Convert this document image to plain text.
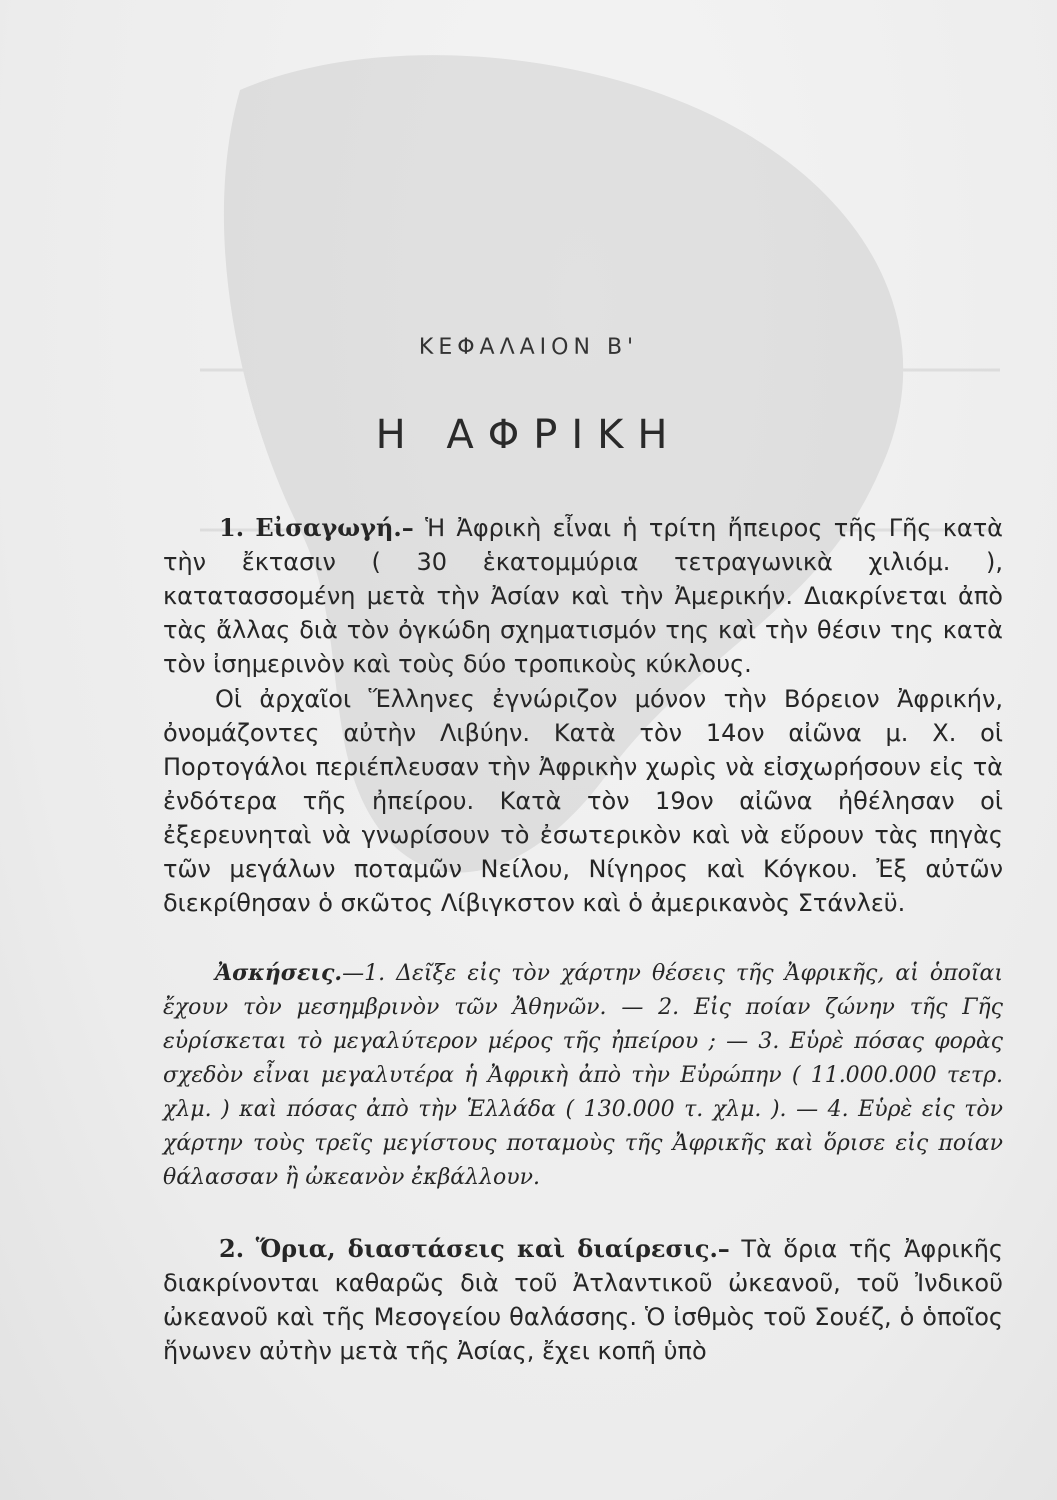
ΚΕΦΑΛΑΙΟΝ Β'
Η ΑΦΡΙΚΗ

1. Εἰσαγωγή.– Ἡ Ἀφρικὴ εἶναι ἡ τρίτη ἤπειρος τῆς Γῆς κατὰ τὴν ἔκτασιν ( 30 ἑκατομμύρια τετραγωνικὰ χιλιόμ. ), κατατασσομένη μετὰ τὴν Ἀσίαν καὶ τὴν Ἀμερικήν. Διακρίνεται ἀπὸ τὰς ἄλλας διὰ τὸν ὀγκώδη σχηματισμόν της καὶ τὴν θέσιν της κατὰ τὸν ἰσημερινὸν καὶ τοὺς δύο τροπικοὺς κύκλους.

Οἱ ἀρχαῖοι Ἕλληνες ἐγνώριζον μόνον τὴν Βόρειον Ἀφρικήν, ὀνομάζοντες αὐτὴν Λιβύην. Κατὰ τὸν 14ον αἰῶνα μ. Χ. οἱ Πορτογάλοι περιέπλευσαν τὴν Ἀφρικὴν χωρὶς νὰ εἰσχωρήσουν εἰς τὰ ἐνδότερα τῆς ἠπείρου. Κατὰ τὸν 19ον αἰῶνα ἠθέλησαν οἱ ἐξερευνηταὶ νὰ γνωρίσουν τὸ ἐσωτερικὸν καὶ νὰ εὕρουν τὰς πηγὰς τῶν μεγάλων ποταμῶν Νείλου, Νίγηρος καὶ Κόγκου. Ἐξ αὐτῶν διεκρίθησαν ὁ σκῶτος Λίβιγκστον καὶ ὁ ἀμερικανὸς Στάνλεϋ.

Ἀσκήσεις.—1. Δεῖξε εἰς τὸν χάρτην θέσεις τῆς Ἀφρικῆς, αἱ ὁποῖαι ἔχουν τὸν μεσημβρινὸν τῶν Ἀθηνῶν. — 2. Εἰς ποίαν ζώνην τῆς Γῆς εὑρίσκεται τὸ μεγαλύτερον μέρος τῆς ἠπείρου ; — 3. Εὑρὲ πόσας φορὰς σχεδὸν εἶναι μεγαλυτέρα ἡ Ἀφρικὴ ἀπὸ τὴν Εὐρώπην ( 11.000.000 τετρ. χλμ. ) καὶ πόσας ἀπὸ τὴν Ἑλλάδα ( 130.000 τ. χλμ. ). — 4. Εὑρὲ εἰς τὸν χάρτην τοὺς τρεῖς μεγίστους ποταμοὺς τῆς Ἀφρικῆς καὶ ὅρισε εἰς ποίαν θάλασσαν ἢ ὠκεανὸν ἐκβάλλουν.

2. Ὅρια, διαστάσεις καὶ διαίρεσις.– Τὰ ὅρια τῆς Ἀφρικῆς διακρίνονται καθαρῶς διὰ τοῦ Ἀτλαντικοῦ ὠκεανοῦ, τοῦ Ἰνδικοῦ ὠκεανοῦ καὶ τῆς Μεσογείου θαλάσσης. Ὁ ἰσθμὸς τοῦ Σουέζ, ὁ ὁποῖος ἥνωνεν αὐτὴν μετὰ τῆς Ἀσίας, ἔχει κοπῆ ὑπὸ
